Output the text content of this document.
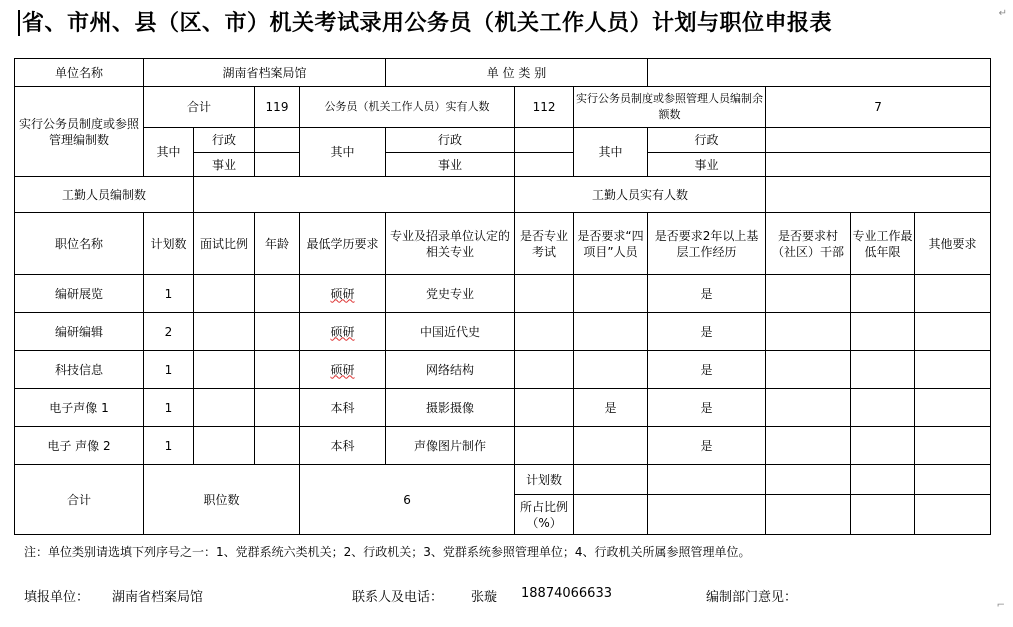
省、市州、县（区、市）机关考试录用公务员（机关工作人员）计划与职位申报表	↵
单位名称	湖南省档案局馆				单 位 类 别						
实行公务员制度或参照管理编制数	合计		119	公务员（机关工作人员）实有人数		112	实行公务员制度或参照管理人员编制余额数		7		
	其中	行政		其中	行政		其中	行政			
		事业			事业			事业			
工勤人员编制数						工勤人员实有人数					
职位名称	计划数	面试比例	年龄	最低学历要求	专业及招录单位认定的相关专业	是否专业考试	是否要求“四项目”人员	是否要求2年以上基层工作经历	是否要求村（社区）干部	专业工作最低年限	其他要求
编研展览	1			硕研	党史专业			是			
编研编辑	2			硕研	中国近代史			是			
科技信息	1			硕研	网络结构			是			
电子声像 1	1			本科	摄影摄像		是	是			
电子 声像 2	1			本科	声像图片制作			是			
合计	职位数			6		计划数					
						所占比例（%）					
注：单位类别请选填下列序号之一：1、党群系统六类机关；2、行政机关；3、党群系统参照管理单位；4、行政机关所属参照管理单位。
填报单位： 湖南省档案局馆	联系人及电话： 张璇 18874066633	编制部门意见：
⌐
